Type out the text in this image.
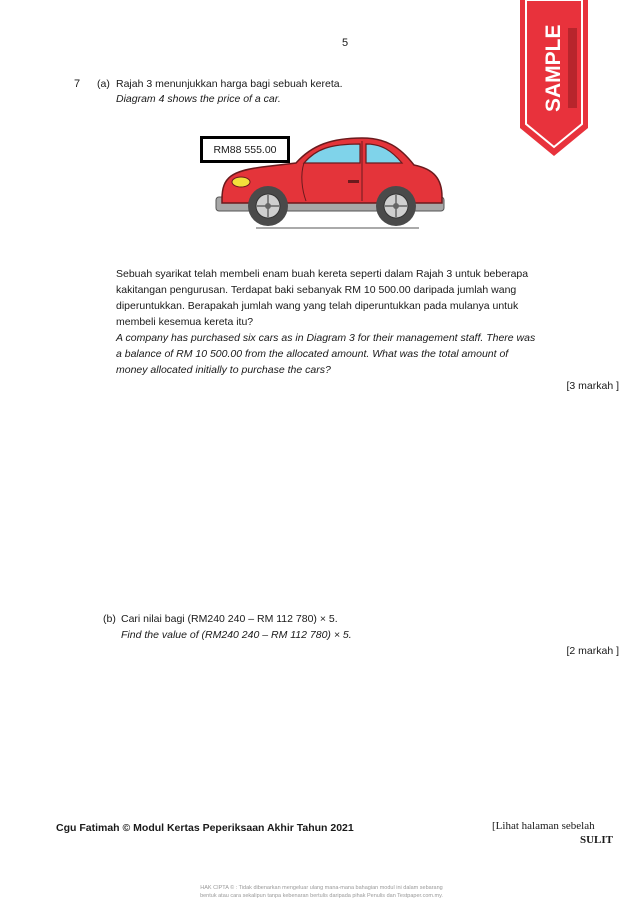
5	SAMPLE
7 (a) Rajah 3 menunjukkan harga bagi sebuah kereta.
Diagram 4 shows the price of a car.
RM88 555.00
Sebuah syarikat telah membeli enam buah kereta seperti dalam Rajah 3 untuk beberapa
kakitangan pengurusan. Terdapat baki sebanyak RM 10 500.00 daripada jumlah wang
diperuntukkan. Berapakah jumlah wang yang telah diperuntukkan pada mulanya untuk
membeli kesemua kereta itu?
A company has purchased six cars as in Diagram 3 for their management staff. There was
a balance of RM 10 500.00 from the allocated amount. What was the total amount of
money allocated initially to purchase the cars?
[3 markah ]
(b) Cari nilai bagi (RM240 240 – RM 112 780) × 5.
Find the value of (RM240 240 – RM 112 780) × 5.
[2 markah ]
Cgu Fatimah © Modul Kertas Peperiksaan Akhir Tahun 2021	[Lihat halaman sebelah
SULIT
HAK CIPTA © : Tidak dibenarkan mengeluar ulang mana-mana bahagian modul ini dalam sebarang
bentuk atau cara sekalipun tanpa kebenaran bertulis daripada pihak Penulis dan Testpaper.com.my.
